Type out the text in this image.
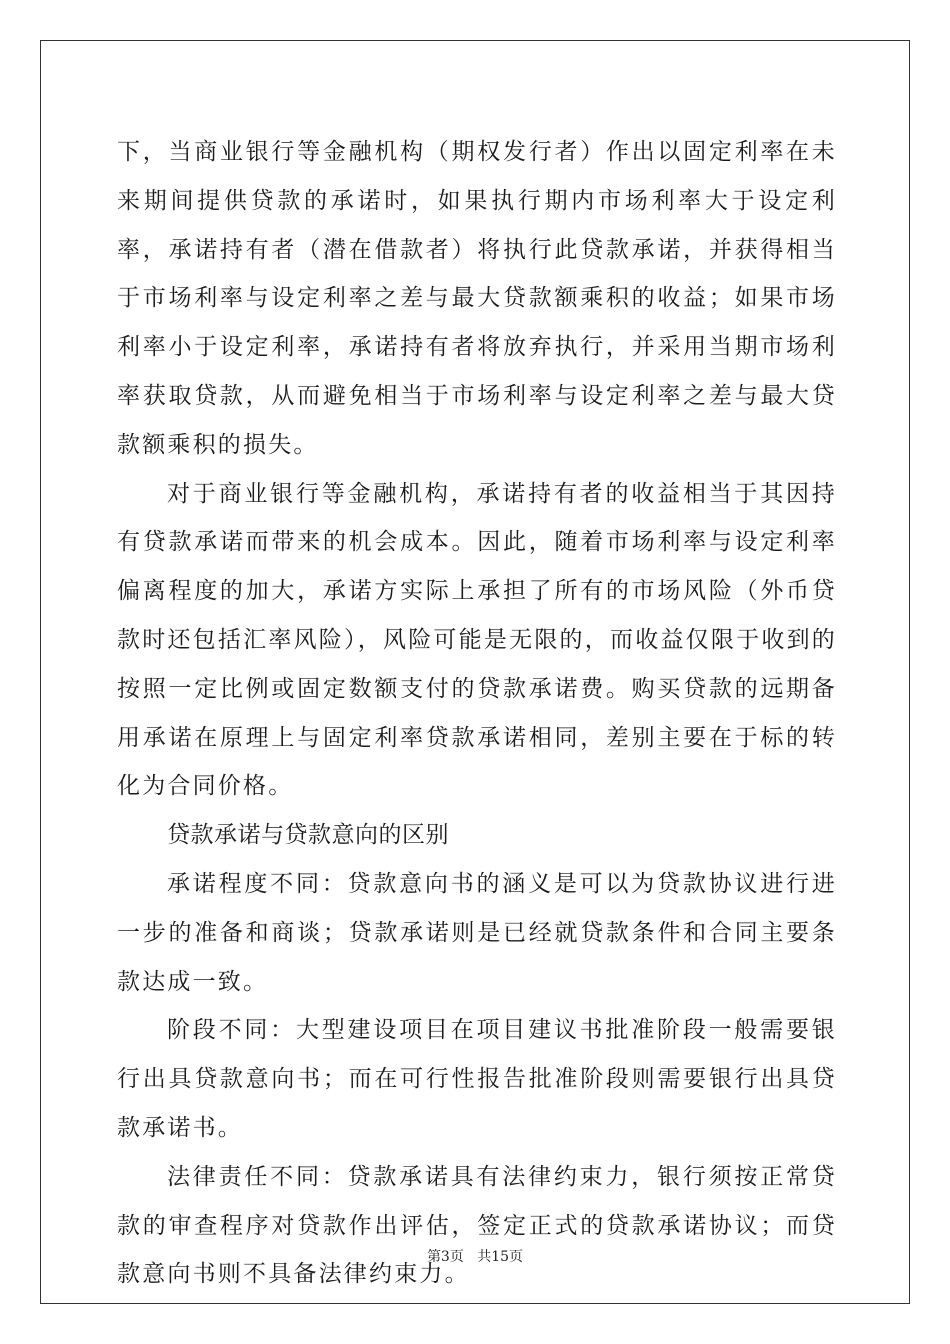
下，当商业银行等金融机构（期权发行者）作出以固定利率在未来期间提供贷款的承诺时，如果执行期内市场利率大于设定利率，承诺持有者（潜在借款者）将执行此贷款承诺，并获得相当于市场利率与设定利率之差与最大贷款额乘积的收益；如果市场利率小于设定利率，承诺持有者将放弃执行，并采用当期市场利率获取贷款，从而避免相当于市场利率与设定利率之差与最大贷款额乘积的损失。

对于商业银行等金融机构，承诺持有者的收益相当于其因持有贷款承诺而带来的机会成本。因此，随着市场利率与设定利率偏离程度的加大，承诺方实际上承担了所有的市场风险（外币贷款时还包括汇率风险），风险可能是无限的，而收益仅限于收到的按照一定比例或固定数额支付的贷款承诺费。购买贷款的远期备用承诺在原理上与固定利率贷款承诺相同，差别主要在于标的转化为合同价格。

贷款承诺与贷款意向的区别

承诺程度不同：贷款意向书的涵义是可以为贷款协议进行进一步的准备和商谈；贷款承诺则是已经就贷款条件和合同主要条款达成一致。

阶段不同：大型建设项目在项目建议书批准阶段一般需要银行出具贷款意向书；而在可行性报告批准阶段则需要银行出具贷款承诺书。

法律责任不同：贷款承诺具有法律约束力，银行须按正常贷款的审查程序对贷款作出评估，签定正式的贷款承诺协议；而贷款意向书则不具备法律约束力。

第3页 共15页
